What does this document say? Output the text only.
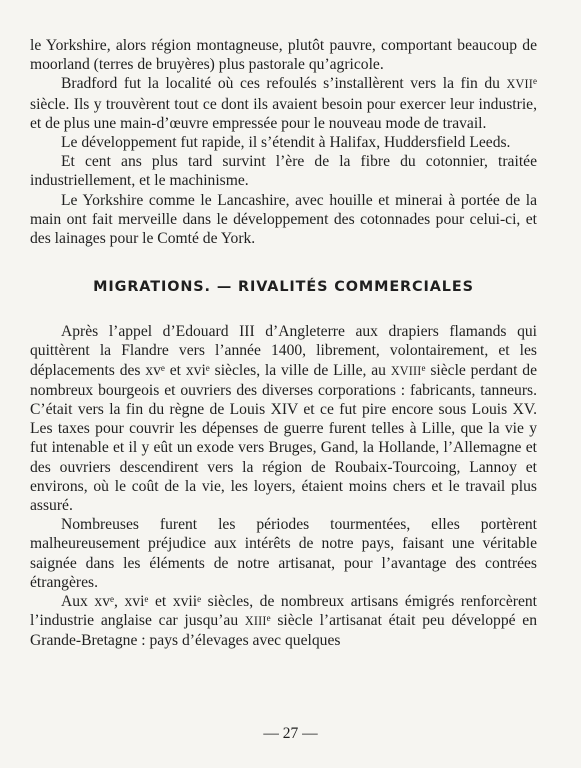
le Yorkshire, alors région montagneuse, plutôt pauvre, comportant beaucoup de moorland (terres de bruyères) plus pastorale qu’agricole.

Bradford fut la localité où ces refoulés s’installèrent vers la fin du XVIIe siècle. Ils y trouvèrent tout ce dont ils avaient besoin pour exercer leur industrie, et de plus une main-d’œuvre empressée pour le nouveau mode de travail.

Le développement fut rapide, il s’étendit à Halifax, Huddersfield Leeds.

Et cent ans plus tard survint l’ère de la fibre du cotonnier, traitée industriellement, et le machinisme.

Le Yorkshire comme le Lancashire, avec houille et minerai à portée de la main ont fait merveille dans le développement des cotonnades pour celui-ci, et des lainages pour le Comté de York.

MIGRATIONS. — RIVALITÉS COMMERCIALES

Après l’appel d’Edouard III d’Angleterre aux drapiers flamands qui quittèrent la Flandre vers l’année 1400, librement, volontairement, et les déplacements des $xv^e$ et xvi$^e$ siècles, la ville de Lille, au XVIIIe siècle perdant de nombreux bourgeois et ouvriers des diverses corporations : fabricants, tanneurs. C’était vers la fin du règne de Louis XIV et ce fut pire encore sous Louis XV. Les taxes pour couvrir les dépenses de guerre furent telles à Lille, que la vie y fut intenable et il y eût un exode vers Bruges, Gand, la Hollande, l’Allemagne et des ouvriers descendirent vers la région de Roubaix-Tourcoing, Lannoy et environs, où le coût de la vie, les loyers, étaient moins chers et le travail plus assuré.

Nombreuses furent les périodes tourmentées, elles portèrent malheureusement préjudice aux intérêts de notre pays, faisant une véritable saignée dans les éléments de notre artisanat, pour l’avantage des contrées étrangères.

Aux $xv^e$, xvi$^e$ et xvii$^e$ siècles, de nombreux artisans émigrés renforcèrent l’industrie anglaise car jusqu’au XIIIe siècle l’artisanat était peu développé en Grande-Bretagne : pays d’élevages avec quelques

— 27 —
